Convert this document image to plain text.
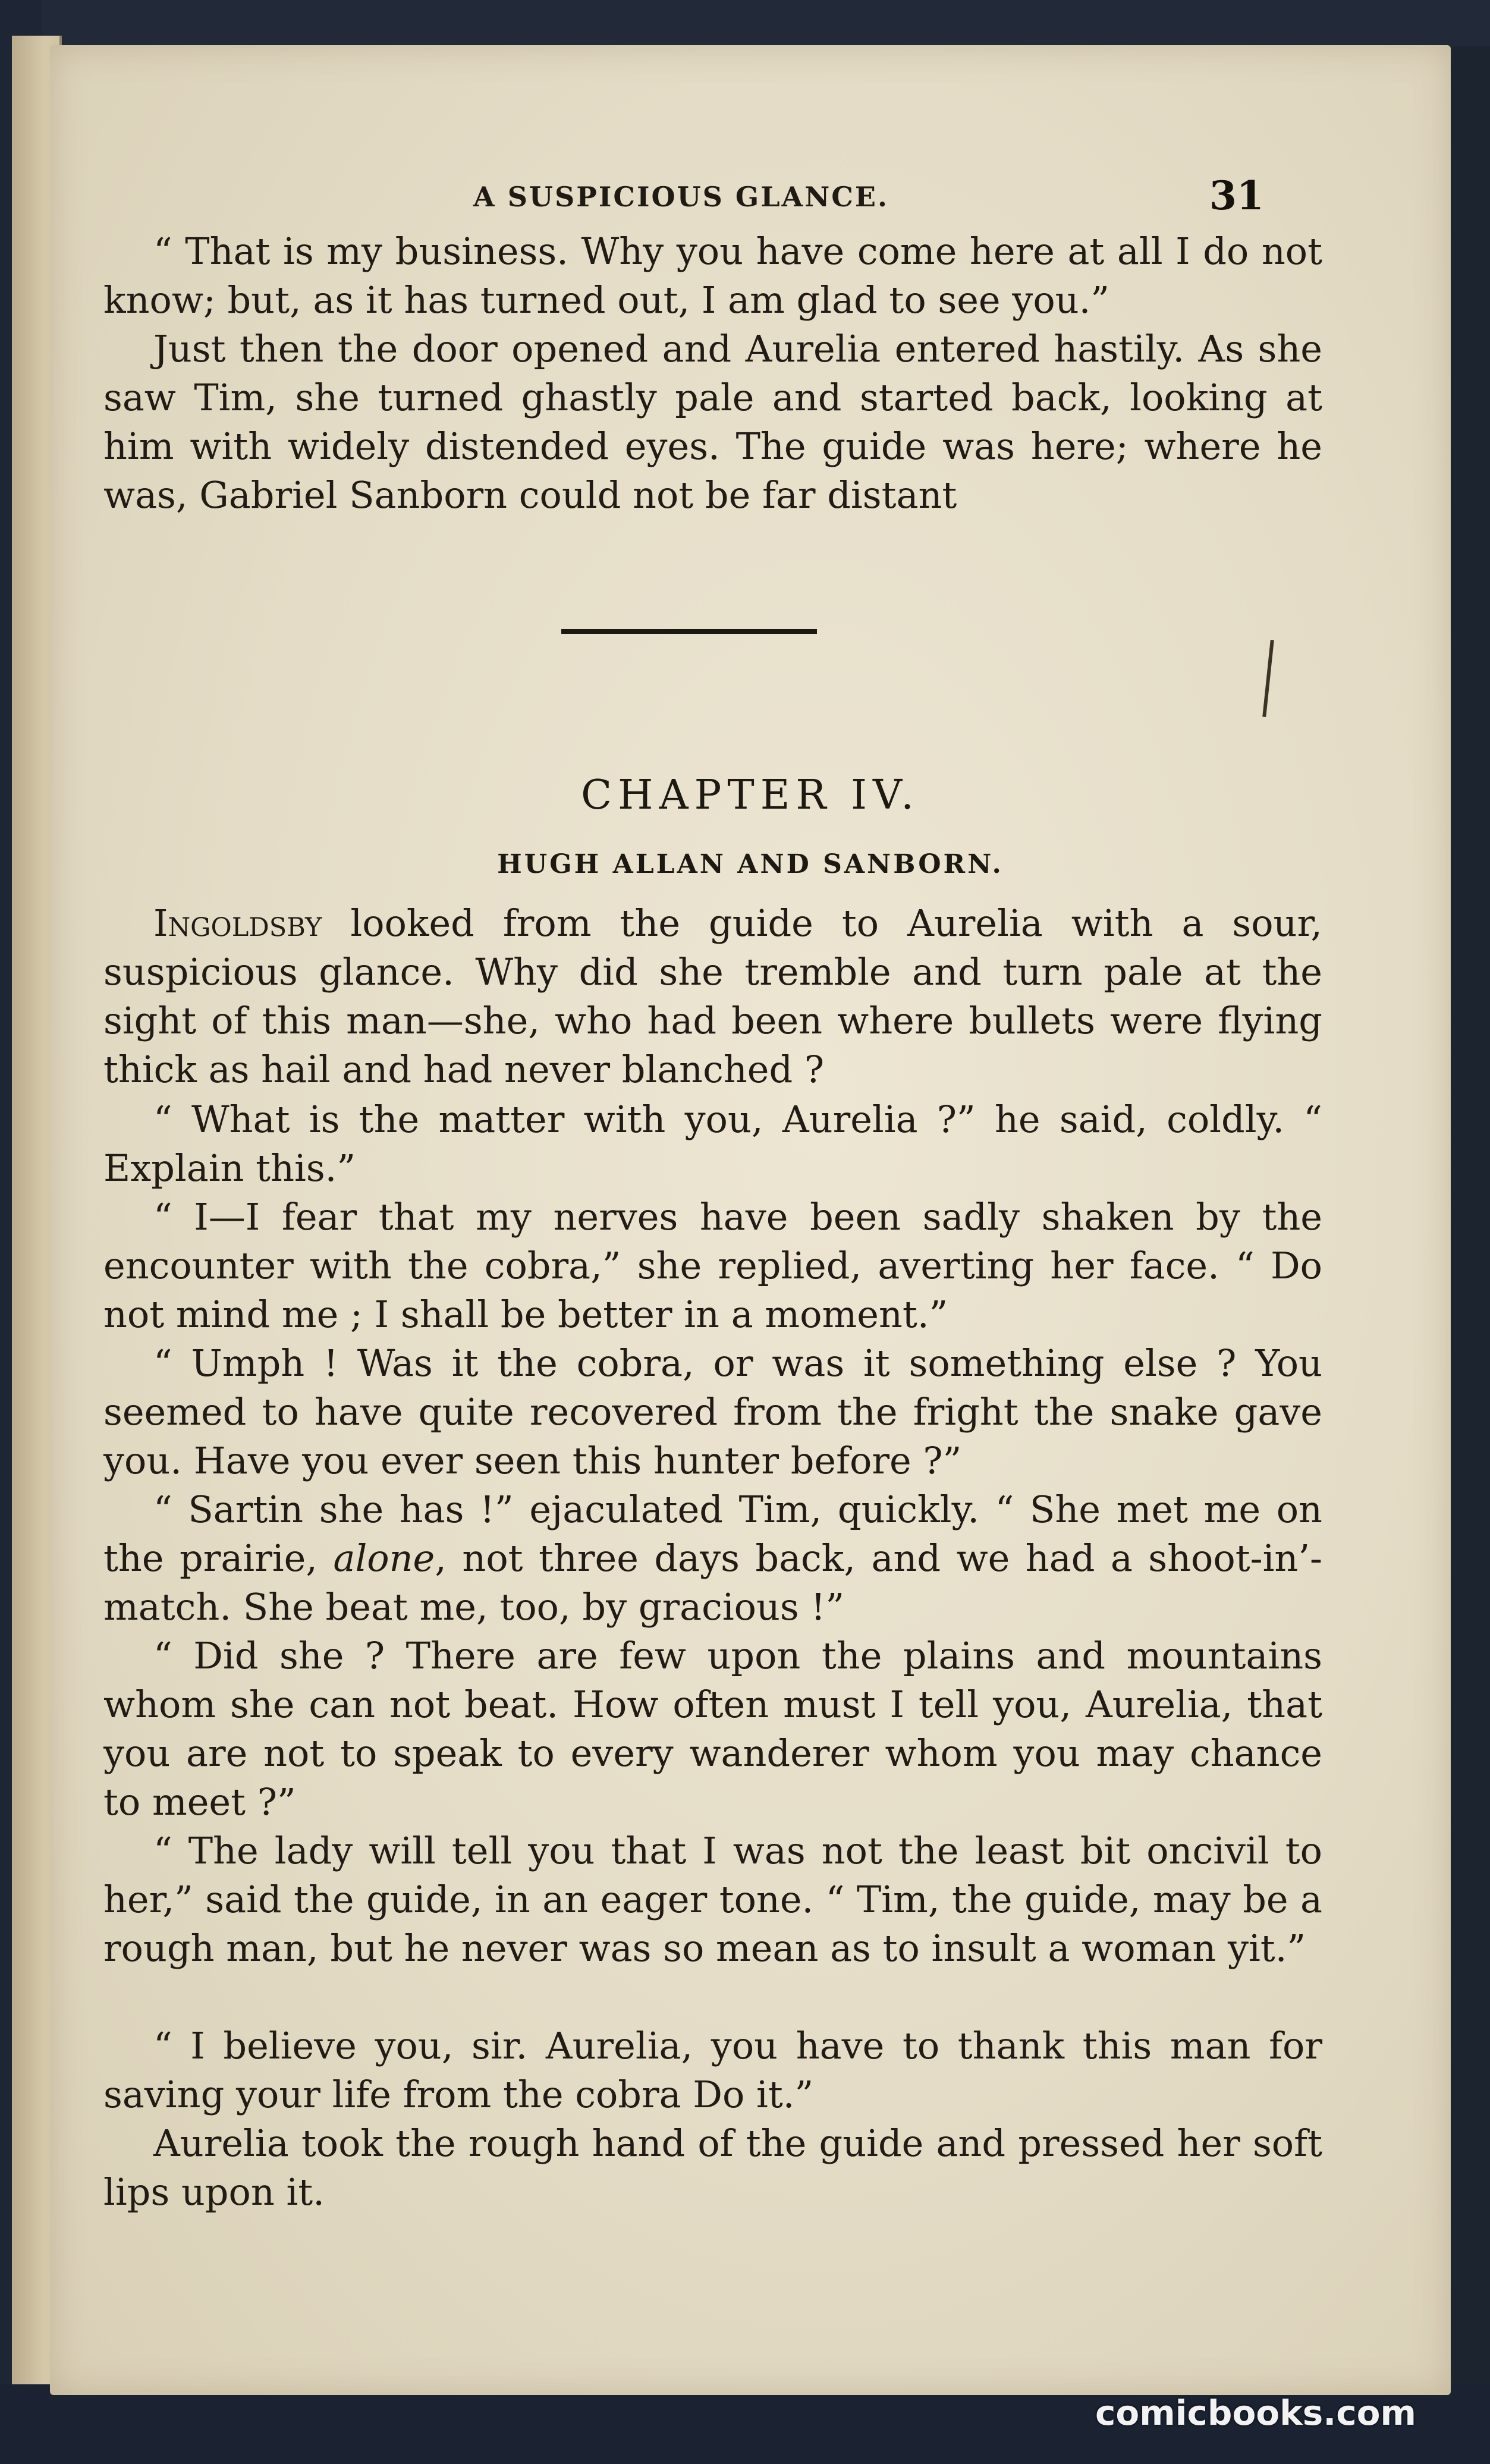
A SUSPICIOUS GLANCE.	31

“ That is my business. Why you have come here at all I do not know; but, as it has turned out, I am glad to see you.”

Just then the door opened and Aurelia entered hastily. As she saw Tim, she turned ghastly pale and started back, looking at him with widely distended eyes. The guide was here; where he was, Gabriel Sanborn could not be far distant

CHAPTER IV.
HUGH ALLAN AND SANBORN.

Ingoldsby looked from the guide to Aurelia with a sour, suspicious glance. Why did she tremble and turn pale at the sight of this man—she, who had been where bullets were flying thick as hail and had never blanched ?

“ What is the matter with you, Aurelia ?” he said, coldly. “ Explain this.”

“ I—I fear that my nerves have been sadly shaken by the encounter with the cobra,” she replied, averting her face. “ Do not mind me ; I shall be better in a moment.”

“ Umph ! Was it the cobra, or was it something else ? You seemed to have quite recovered from the fright the snake gave you. Have you ever seen this hunter before ?”

“ Sartin she has !” ejaculated Tim, quickly. “ She met me on the prairie, alone, not three days back, and we had a shoot-in’-match. She beat me, too, by gracious !”

“ Did she ? There are few upon the plains and mountains whom she can not beat. How often must I tell you, Aurelia, that you are not to speak to every wanderer whom you may chance to meet ?”

“ The lady will tell you that I was not the least bit oncivil to her,” said the guide, in an eager tone. “ Tim, the guide, may be a rough man, but he never was so mean as to insult a woman yit.”

“ I believe you, sir. Aurelia, you have to thank this man for saving your life from the cobra Do it.”

Aurelia took the rough hand of the guide and pressed her soft lips upon it.

comicbooks.com
